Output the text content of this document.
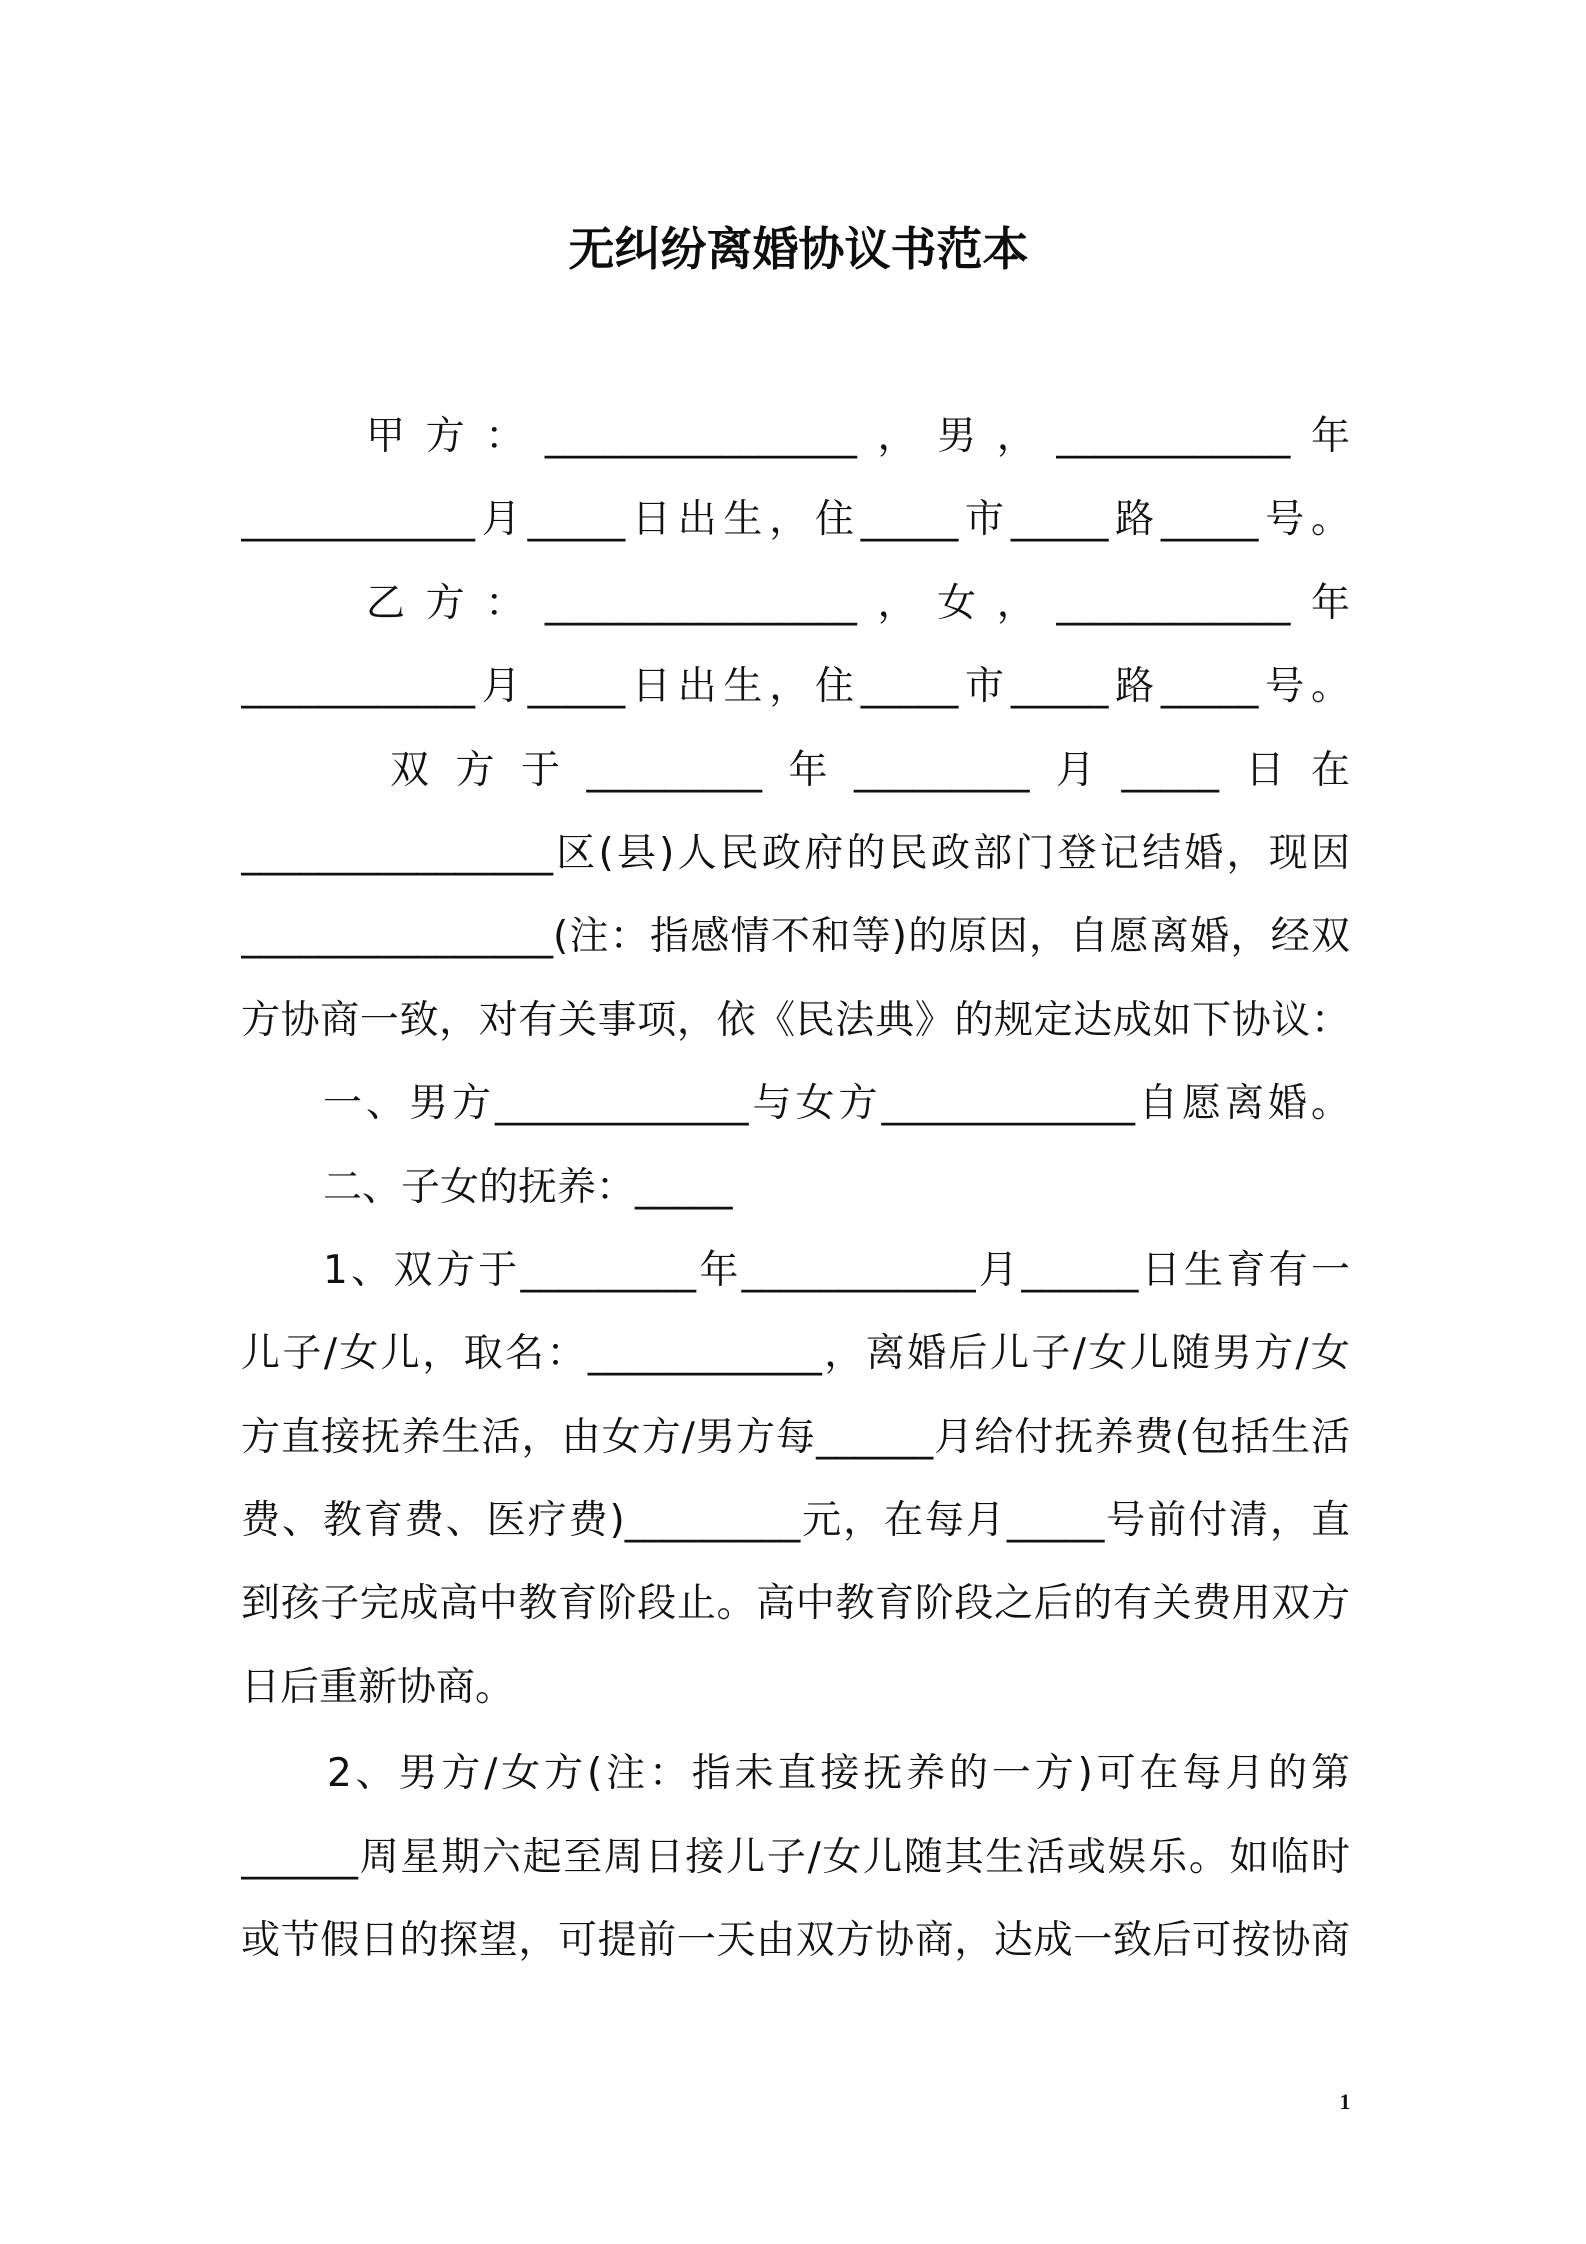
无纠纷离婚协议书范本
甲方：________________，男，____________年
____________月_____日出生，住_____市_____路_____号。
乙方：________________，女，____________年
____________月_____日出生，住_____市_____路_____号。
双方于_________年_________月_____日在
________________区(县)人民政府的民政部门登记结婚，现因
________________(注：指感情不和等)的原因，自愿离婚，经双
方协商一致，对有关事项，依《民法典》的规定达成如下协议：
一、男方_____________与女方_____________自愿离婚。
二、子女的抚养：_____
1、双方于_________年____________月______日生育有一
儿子/女儿，取名：____________，离婚后儿子/女儿随男方/女
方直接抚养生活，由女方/男方每______月给付抚养费(包括生活
费、教育费、医疗费)_________元，在每月_____号前付清，直
到孩子完成高中教育阶段止。高中教育阶段之后的有关费用双方
日后重新协商。
2、男方/女方(注：指未直接抚养的一方)可在每月的第
______周星期六起至周日接儿子/女儿随其生活或娱乐。如临时
或节假日的探望，可提前一天由双方协商，达成一致后可按协商
1
